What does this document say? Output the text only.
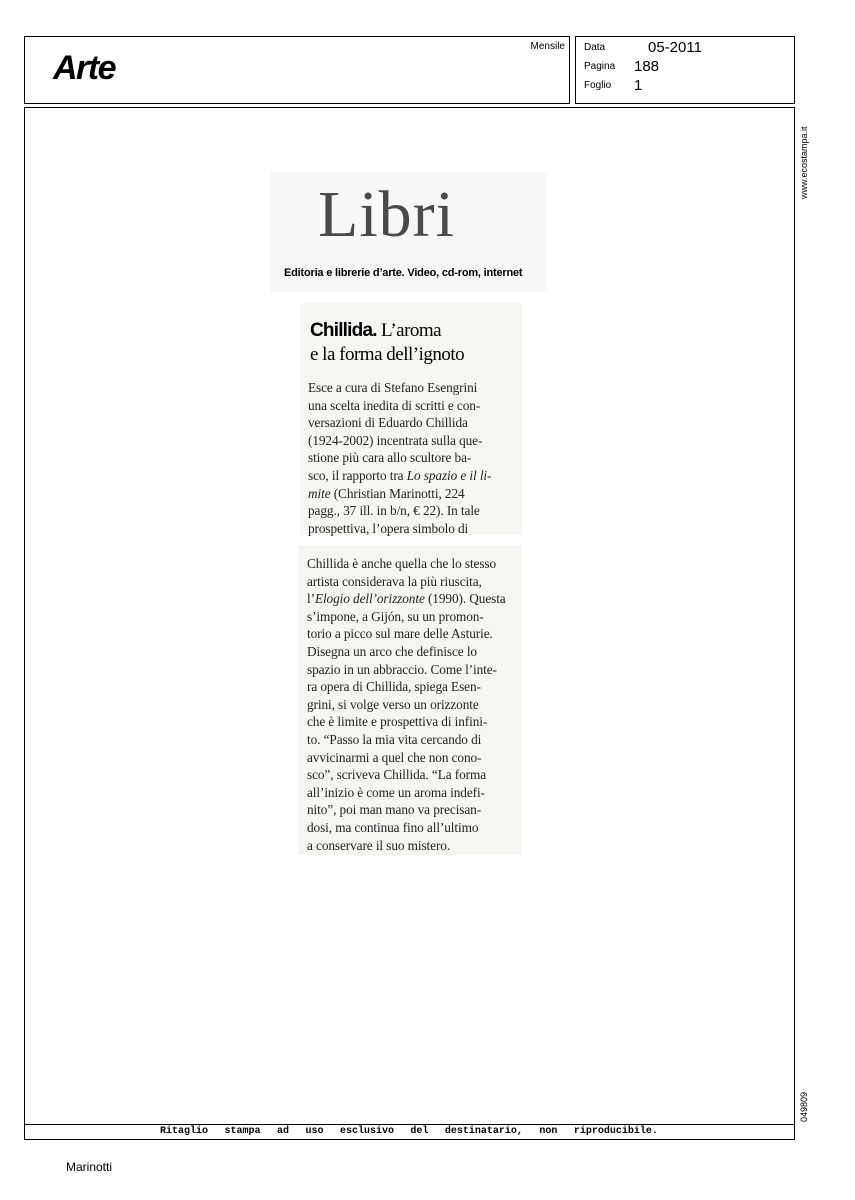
Arte
Mensile Data	05-2011
Pagina 188
Foglio 1
www.ecostampa.it
049809
Ritaglio stampa ad uso esclusivo del destinatario, non riproducibile.
Marinotti
Libri
Editoria e librerie d’arte. Video, cd-rom, internet
Chillida. L’aroma
e la forma dell’ignoto
Esce a cura di Stefano Esengrini
una scelta inedita di scritti e con-
versazioni di Eduardo Chillida
(1924-2002) incentrata sulla que-
stione più cara allo scultore ba-
sco, il rapporto tra Lo spazio e il li-
mite (Christian Marinotti, 224
pagg., 37 ill. in b/n, € 22). In tale
prospettiva, l’opera simbolo di
Chillida è anche quella che lo stesso
artista considerava la più riuscita,
l’Elogio dell’orizzonte (1990). Questa
s’impone, a Gijón, su un promon-
torio a picco sul mare delle Asturie.
Disegna un arco che definisce lo
spazio in un abbraccio. Come l’inte-
ra opera di Chillida, spiega Esen-
grini, si volge verso un orizzonte
che è limite e prospettiva di infini-
to. “Passo la mia vita cercando di
avvicinarmi a quel che non cono-
sco”, scriveva Chillida. “La forma
all’inizio è come un aroma indefi-
nito”, poi man mano va precisan-
dosi, ma continua fino all’ultimo
a conservare il suo mistero.
